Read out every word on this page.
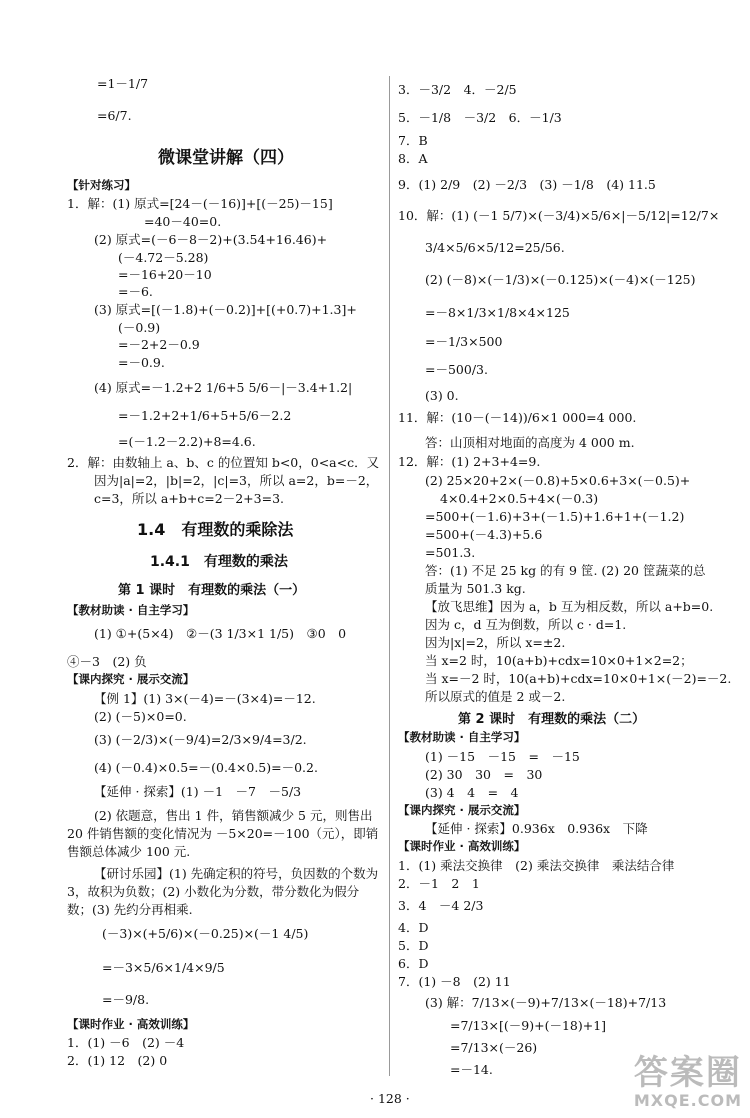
=1－1/7
=6/7.
微课堂讲解（四）
【针对练习】
1．解：(1) 原式=[24－(－16)]+[(－25)－15]
=40－40=0.
(2) 原式=(－6－8－2)+(3.54+16.46)+
(－4.72－5.28)
=－16+20－10
=－6.
(3) 原式=[(－1.8)+(－0.2)]+[(+0.7)+1.3]+
(－0.9)
=－2+2－0.9
=－0.9.
(4) 原式=－1.2+2 1/6+5 5/6－|－3.4+1.2|
=－1.2+2+1/6+5+5/6－2.2
=(－1.2－2.2)+8=4.6.
2．解：由数轴上 a、b、c 的位置知 b<0，0<a<c．又
因为|a|=2，|b|=2，|c|=3，所以 a=2，b=－2，
c=3，所以 a+b+c=2－2+3=3.
1.4　有理数的乘除法
1.4.1　有理数的乘法
第 1 课时　有理数的乘法（一）
【教材助读 · 自主学习】
(1) ①+(5×4)　②－(3 1/3×1 1/5)　③0　0
④－3　(2) 负
【课内探究 · 展示交流】
【例 1】(1) 3×(－4)=－(3×4)=－12.
(2) (－5)×0=0.
(3) (－2/3)×(－9/4)=2/3×9/4=3/2.
(4) (－0.4)×0.5=－(0.4×0.5)=－0.2.
【延伸 · 探索】(1) －1　－7　－5/3
(2) 依题意，售出 1 件，销售额减少 5 元，则售出
20 件销售额的变化情况为 －5×20=－100（元），即销
售额总体减少 100 元.
【研讨乐园】(1) 先确定积的符号，负因数的个数为
3，故积为负数；(2) 小数化为分数，带分数化为假分
数；(3) 先约分再相乘.
(－3)×(+5/6)×(－0.25)×(－1 4/5)
=－3×5/6×1/4×9/5
=－9/8.
【课时作业 · 高效训练】
1．(1) －6　(2) －4
2．(1) 12　(2) 0
3．－3/2　4．－2/5
5．－1/8　－3/2　6．－1/3
7．B
8．A
9．(1) 2/9　(2) －2/3　(3) －1/8　(4) 11.5
10．解：(1) (－1 5/7)×(－3/4)×5/6×|－5/12|=12/7×
3/4×5/6×5/12=25/56.
(2) (－8)×(－1/3)×(－0.125)×(－4)×(－125)
=－8×1/3×1/8×4×125
=－1/3×500
=－500/3.
(3) 0.
11．解：(10－(－14))/6×1 000=4 000.
答：山顶相对地面的高度为 4 000 m.
12．解：(1) 2+3+4=9.
(2) 25×20+2×(－0.8)+5×0.6+3×(－0.5)+
4×0.4+2×0.5+4×(－0.3)
=500+(－1.6)+3+(－1.5)+1.6+1+(－1.2)
=500+(－4.3)+5.6
=501.3.
答：(1) 不足 25 kg 的有 9 筐. (2) 20 筐蔬菜的总
质量为 501.3 kg.
【放飞思维】因为 a，b 互为相反数，所以 a+b=0.
因为 c，d 互为倒数，所以 c · d=1.
因为|x|=2，所以 x=±2.
当 x=2 时，10(a+b)+cdx=10×0+1×2=2；
当 x=－2 时，10(a+b)+cdx=10×0+1×(－2)=－2.
所以原式的值是 2 或－2.
第 2 课时　有理数的乘法（二）
【教材助读 · 自主学习】
(1) －15　－15　=　－15
(2) 30　30　=　30
(3) 4　4　=　4
【课内探究 · 展示交流】
【延伸 · 探索】0.936x　0.936x　下降
【课时作业 · 高效训练】
1．(1) 乘法交换律　(2) 乘法交换律　乘法结合律
2．－1　2　1
3．4　－4 2/3
4．D
5．D
6．D
7．(1) －8　(2) 11
(3) 解：7/13×(－9)+7/13×(－18)+7/13
=7/13×[(－9)+(－18)+1]
=7/13×(－26)
=－14.
· 128 ·
答案圈
MXQE.COM
